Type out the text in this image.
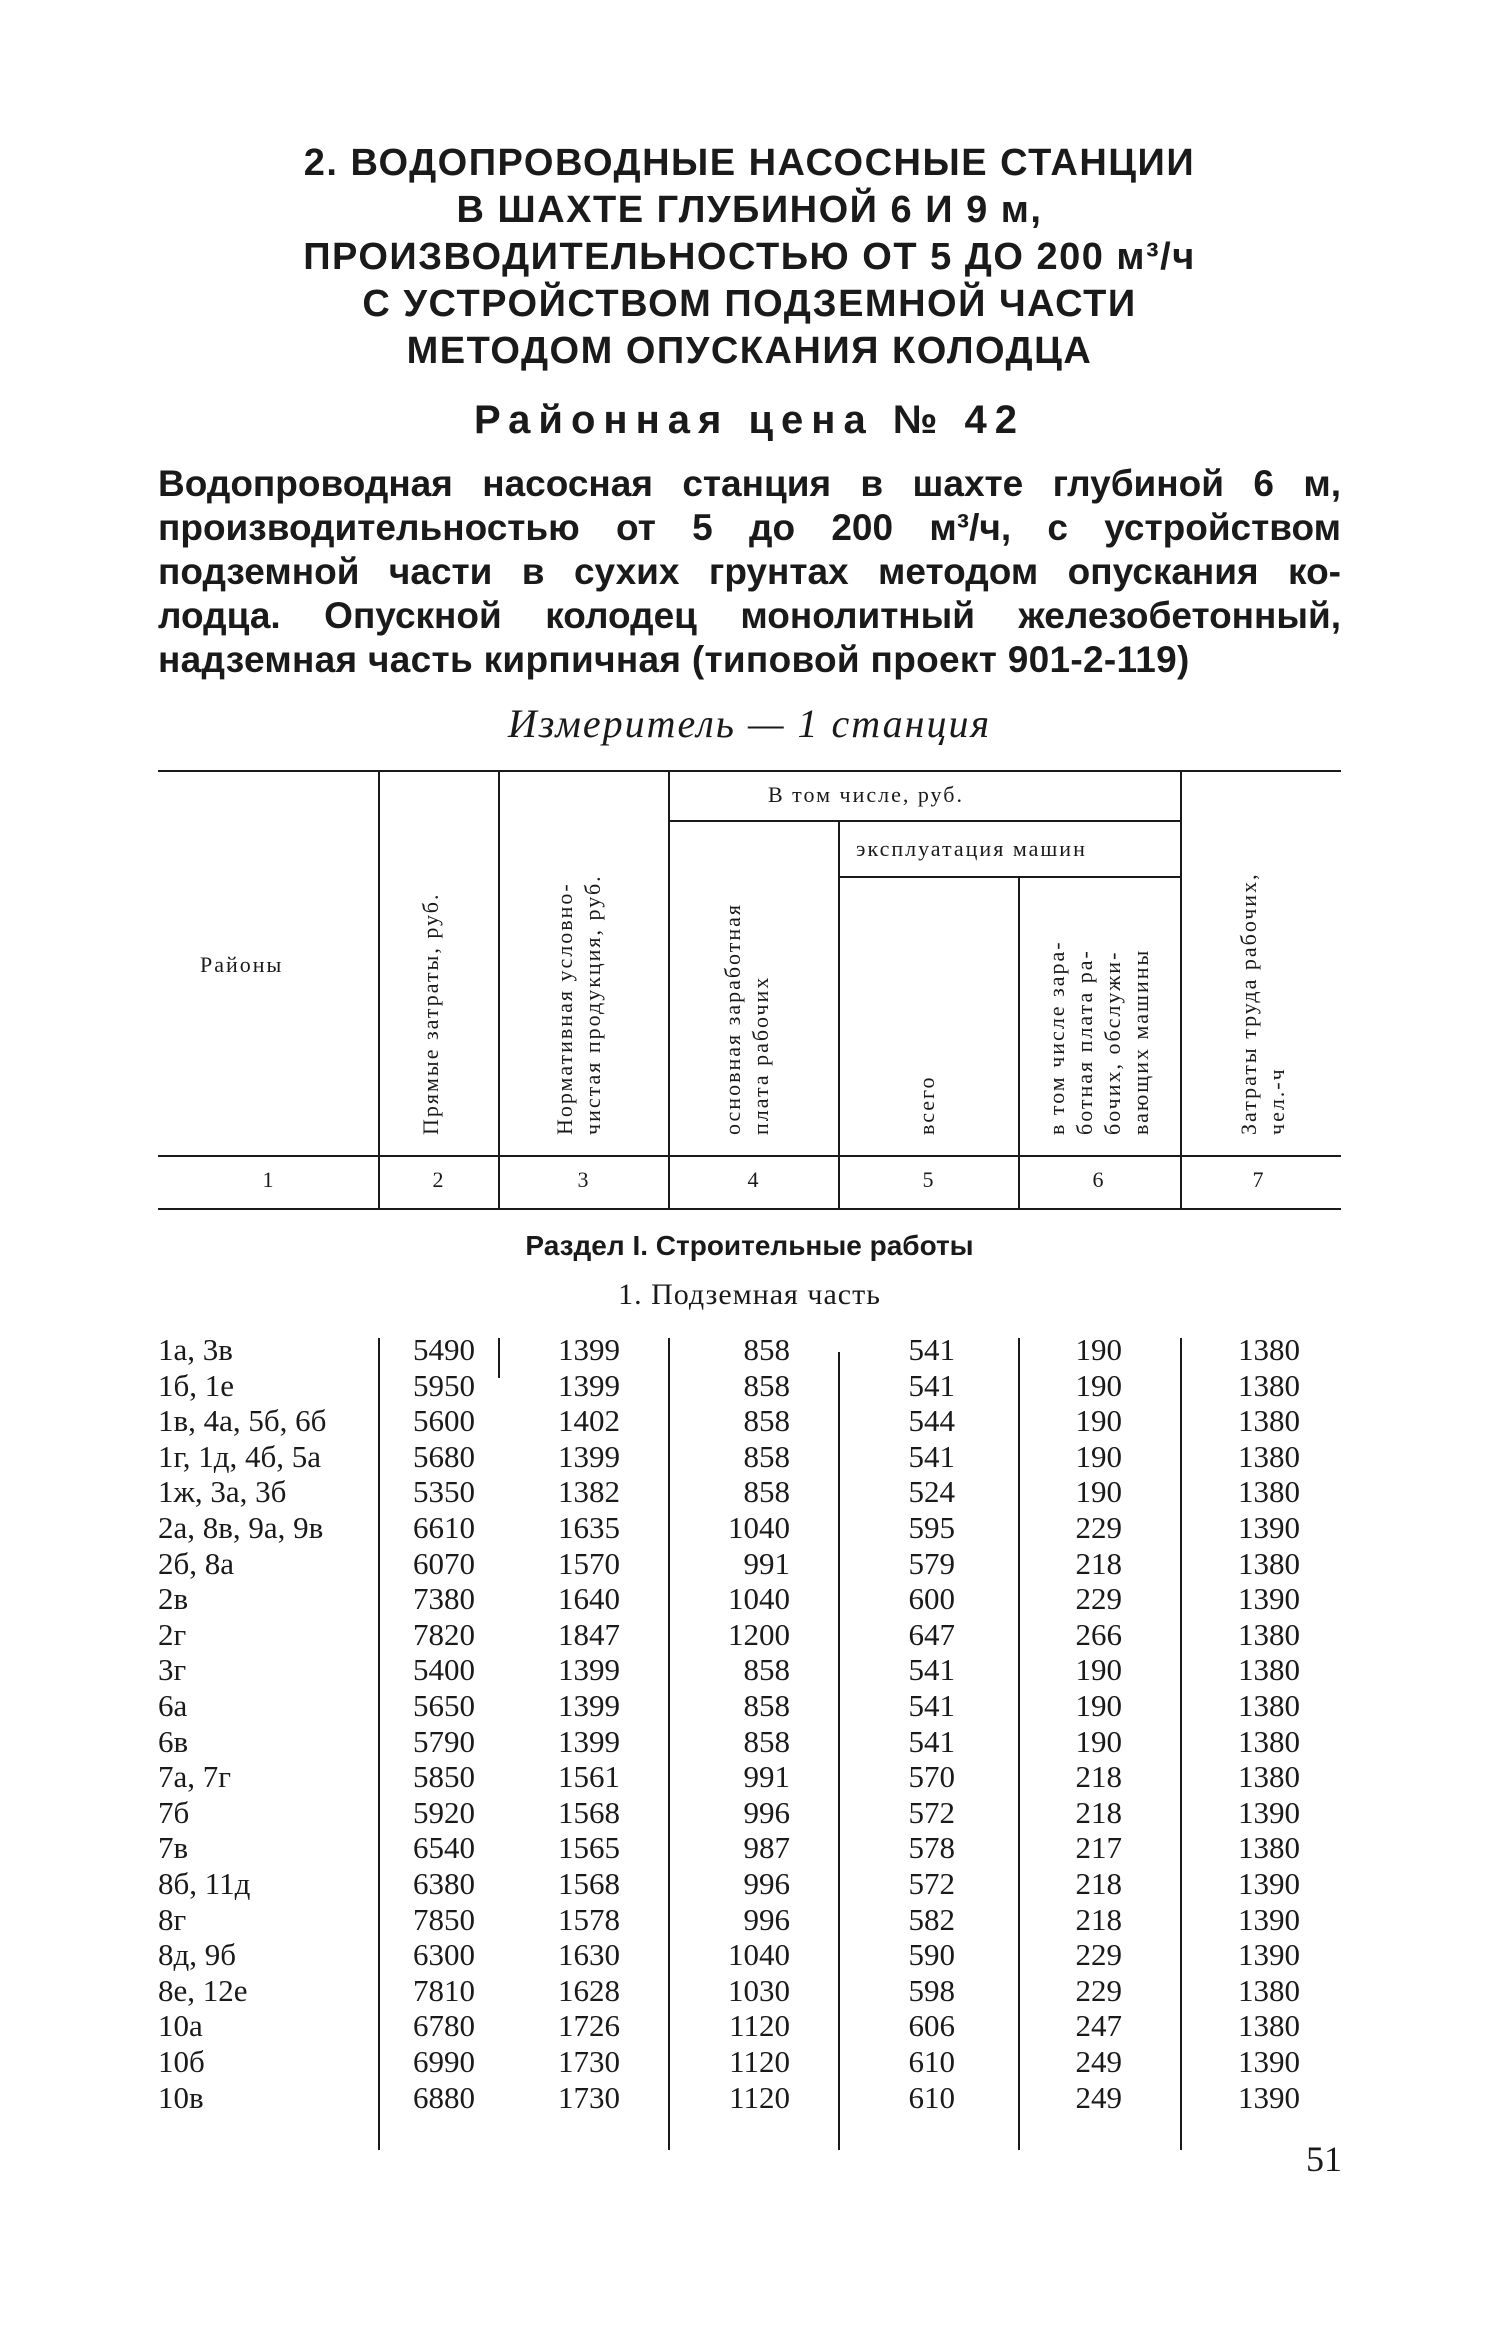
2. ВОДОПРОВОДНЫЕ НАСОСНЫЕ СТАНЦИИ
В ШАХТЕ ГЛУБИНОЙ 6 И 9 м,
ПРОИЗВОДИТЕЛЬНОСТЬЮ ОТ 5 ДО 200 м³/ч
С УСТРОЙСТВОМ ПОДЗЕМНОЙ ЧАСТИ
МЕТОДОМ ОПУСКАНИЯ КОЛОДЦА
Районная цена № 42
Водопроводная насосная станция в шахте глубиной 6 м,
производительностью от 5 до 200 м³/ч, с устройством
подземной части в сухих грунтах методом опускания ко-
лодца. Опускной колодец монолитный железобетонный,
надземная часть кирпичная (типовой проект 901-2-119)
Измеритель — 1 станция
Районы	Прямые затраты, руб.	Нормативная условно- чистая продукция, руб.
В том числе, руб.
основная заработная плата рабочих
эксплуатация машин
всего	в том числе зара- ботная плата ра- бочих, обслужи- вающих машины	Затраты труда рабочих, чел.-ч
1	2	3	4	5	6	7
Раздел I. Строительные работы
1. Подземная часть
1а, 3в	5490	1399	858	541	190	1380
1б, 1е	5950	1399	858	541	190	1380
1в, 4а, 5б, 6б	5600	1402	858	544	190	1380
1г, 1д, 4б, 5а	5680	1399	858	541	190	1380
1ж, 3а, 3б	5350	1382	858	524	190	1380
2а, 8в, 9а, 9в	6610	1635	1040	595	229	1390
2б, 8а	6070	1570	991	579	218	1380
2в	7380	1640	1040	600	229	1390
2г	7820	1847	1200	647	266	1380
3г	5400	1399	858	541	190	1380
6а	5650	1399	858	541	190	1380
6в	5790	1399	858	541	190	1380
7а, 7г	5850	1561	991	570	218	1380
7б	5920	1568	996	572	218	1390
7в	6540	1565	987	578	217	1380
8б, 11д	6380	1568	996	572	218	1390
8г	7850	1578	996	582	218	1390
8д, 9б	6300	1630	1040	590	229	1390
8е, 12е	7810	1628	1030	598	229	1380
10а	6780	1726	1120	606	247	1380
10б	6990	1730	1120	610	249	1390
10в	6880	1730	1120	610	249	1390
51
